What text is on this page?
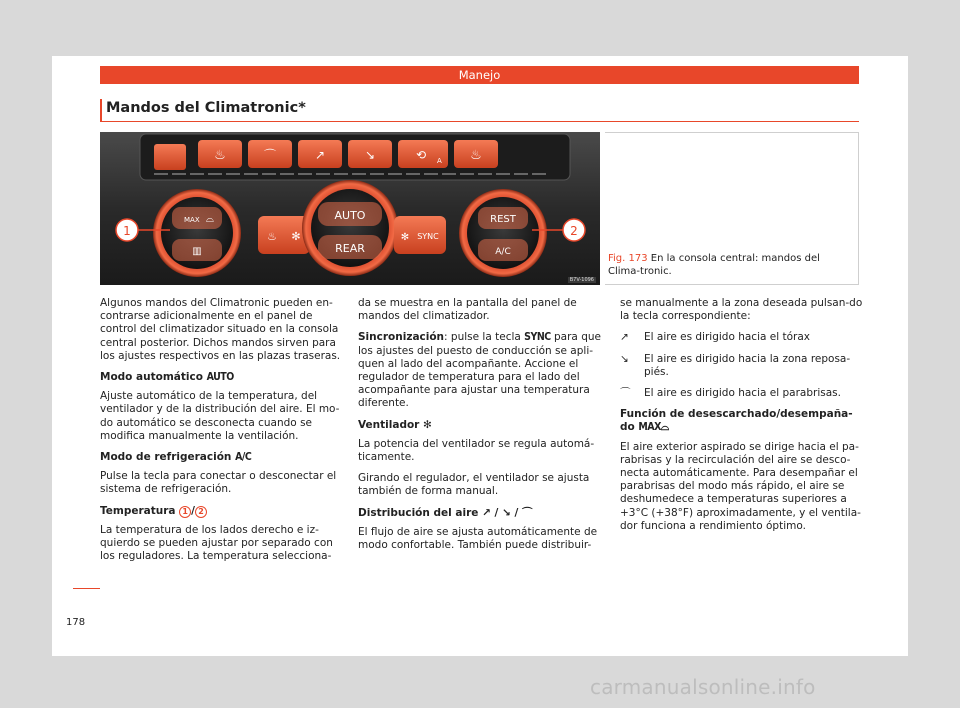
Manejo
Mandos del Climatronic*
♨	⌒	↗	↘	⟲ A ♨
MAX ⌓
▥
♨ ✻
AUTO
REAR
✻ SYNC
REST
A/C
1	2
B7V-1096

Fig. 173 En la consola central: mandos del Clima-tronic.

Algunos mandos del Climatronic pueden en-contrarse adicionalmente en el panel de control del climatizador situado en la consola central posterior. Dichos mandos sirven para los ajustes respectivos en las plazas traseras.

Modo automático AUTO

Ajuste automático de la temperatura, del ventilador y de la distribución del aire. El mo-do automático se desconecta cuando se modifica manualmente la ventilación.

Modo de refrigeración A/C

Pulse la tecla para conectar o desconectar el sistema de refrigeración.

Temperatura 1 / 2

La temperatura de los lados derecho e iz-quierdo se pueden ajustar por separado con los reguladores. La temperatura selecciona-

da se muestra en la pantalla del panel de mandos del climatizador.

Sincronización: pulse la tecla SYNC para que los ajustes del puesto de conducción se apli-quen al lado del acompañante. Accione el regulador de temperatura para el lado del acompañante para ajustar una temperatura diferente.

Ventilador ✻

La potencia del ventilador se regula automá-ticamente.

Girando el regulador, el ventilador se ajusta también de forma manual.

Distribución del aire ↗ / ↘ / ⌒

El flujo de aire se ajusta automáticamente de modo confortable. También puede distribuir-

se manualmente a la zona deseada pulsan-do la tecla correspondiente:

↗	El aire es dirigido hacia el tórax
↘	El aire es dirigido hacia la zona reposa-piés.
⌒	El aire es dirigido hacia el parabrisas.

Función de desescarchado/desempaña-do MAX⌓

El aire exterior aspirado se dirige hacia el pa-rabrisas y la recirculación del aire se desco-necta automáticamente. Para desempañar el parabrisas del modo más rápido, el aire se deshumedece a temperaturas superiores a +3°C (+38°F) aproximadamente, y el ventila-dor funciona a rendimiento óptimo.

178
carmanualsonline.info
